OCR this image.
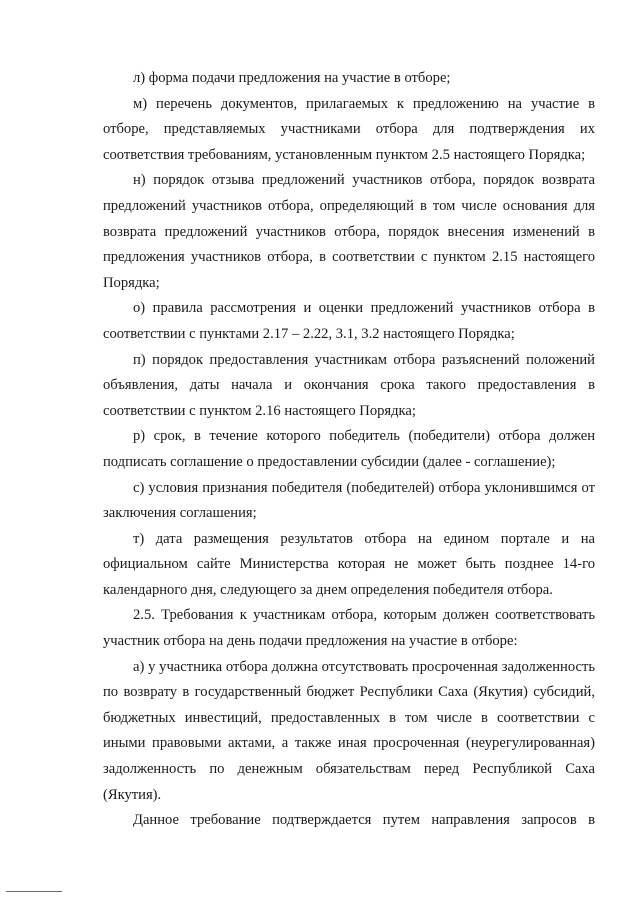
л) форма подачи предложения на участие в отборе;

м) перечень документов, прилагаемых к предложению на участие в отборе, представляемых участниками отбора для подтверждения их соответствия требованиям, установленным пунктом 2.5 настоящего Порядка;

н) порядок отзыва предложений участников отбора, порядок возврата предложений участников отбора, определяющий в том числе основания для возврата предложений участников отбора, порядок внесения изменений в предложения участников отбора, в соответствии с пунктом 2.15 настоящего Порядка;

о) правила рассмотрения и оценки предложений участников отбора в соответствии с пунктами 2.17 – 2.22, 3.1, 3.2 настоящего Порядка;

п) порядок предоставления участникам отбора разъяснений положений объявления, даты начала и окончания срока такого предоставления в соответствии с пунктом 2.16 настоящего Порядка;

р) срок, в течение которого победитель (победители) отбора должен подписать соглашение о предоставлении субсидии (далее - соглашение);

с) условия признания победителя (победителей) отбора уклонившимся от заключения соглашения;

т) дата размещения результатов отбора на едином портале и на официальном сайте Министерства которая не может быть позднее 14-го календарного дня, следующего за днем определения победителя отбора.

2.5. Требования к участникам отбора, которым должен соответствовать участник отбора на день подачи предложения на участие в отборе:

а) у участника отбора должна отсутствовать просроченная задолженность по возврату в государственный бюджет Республики Саха (Якутия) субсидий, бюджетных инвестиций, предоставленных в том числе в соответствии с иными правовыми актами, а также иная просроченная (неурегулированная) задолженность по денежным обязательствам перед Республикой Саха (Якутия).

Данное требование подтверждается путем направления запросов в
